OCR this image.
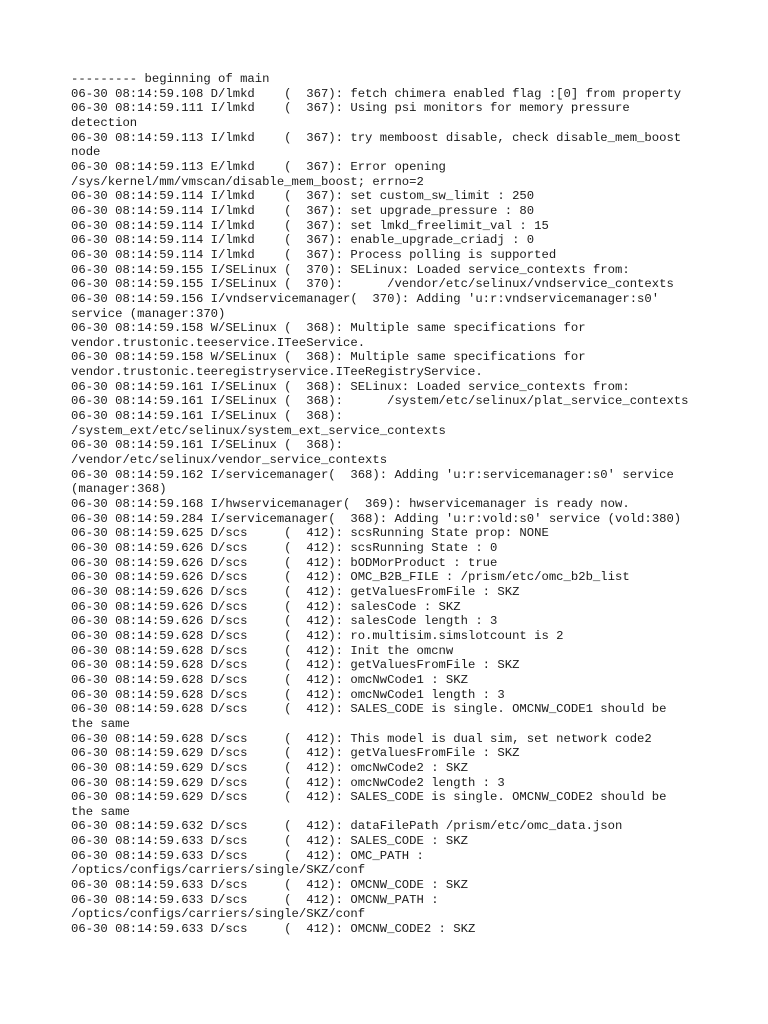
--------- beginning of main
06-30 08:14:59.108 D/lmkd    (  367): fetch chimera enabled flag :[0] from property
06-30 08:14:59.111 I/lmkd    (  367): Using psi monitors for memory pressure
detection
06-30 08:14:59.113 I/lmkd    (  367): try memboost disable, check disable_mem_boost
node
06-30 08:14:59.113 E/lmkd    (  367): Error opening
/sys/kernel/mm/vmscan/disable_mem_boost; errno=2
06-30 08:14:59.114 I/lmkd    (  367): set custom_sw_limit : 250
06-30 08:14:59.114 I/lmkd    (  367): set upgrade_pressure : 80
06-30 08:14:59.114 I/lmkd    (  367): set lmkd_freelimit_val : 15
06-30 08:14:59.114 I/lmkd    (  367): enable_upgrade_criadj : 0
06-30 08:14:59.114 I/lmkd    (  367): Process polling is supported
06-30 08:14:59.155 I/SELinux (  370): SELinux: Loaded service_contexts from:
06-30 08:14:59.155 I/SELinux (  370):      /vendor/etc/selinux/vndservice_contexts
06-30 08:14:59.156 I/vndservicemanager(  370): Adding 'u:r:vndservicemanager:s0'
service (manager:370)
06-30 08:14:59.158 W/SELinux (  368): Multiple same specifications for
vendor.trustonic.teeservice.ITeeService.
06-30 08:14:59.158 W/SELinux (  368): Multiple same specifications for
vendor.trustonic.teeregistryservice.ITeeRegistryService.
06-30 08:14:59.161 I/SELinux (  368): SELinux: Loaded service_contexts from:
06-30 08:14:59.161 I/SELinux (  368):      /system/etc/selinux/plat_service_contexts
06-30 08:14:59.161 I/SELinux (  368):
/system_ext/etc/selinux/system_ext_service_contexts
06-30 08:14:59.161 I/SELinux (  368):
/vendor/etc/selinux/vendor_service_contexts
06-30 08:14:59.162 I/servicemanager(  368): Adding 'u:r:servicemanager:s0' service
(manager:368)
06-30 08:14:59.168 I/hwservicemanager(  369): hwservicemanager is ready now.
06-30 08:14:59.284 I/servicemanager(  368): Adding 'u:r:vold:s0' service (vold:380)
06-30 08:14:59.625 D/scs     (  412): scsRunning State prop: NONE
06-30 08:14:59.626 D/scs     (  412): scsRunning State : 0
06-30 08:14:59.626 D/scs     (  412): bODMorProduct : true
06-30 08:14:59.626 D/scs     (  412): OMC_B2B_FILE : /prism/etc/omc_b2b_list
06-30 08:14:59.626 D/scs     (  412): getValuesFromFile : SKZ
06-30 08:14:59.626 D/scs     (  412): salesCode : SKZ
06-30 08:14:59.626 D/scs     (  412): salesCode length : 3
06-30 08:14:59.628 D/scs     (  412): ro.multisim.simslotcount is 2
06-30 08:14:59.628 D/scs     (  412): Init the omcnw
06-30 08:14:59.628 D/scs     (  412): getValuesFromFile : SKZ
06-30 08:14:59.628 D/scs     (  412): omcNwCode1 : SKZ
06-30 08:14:59.628 D/scs     (  412): omcNwCode1 length : 3
06-30 08:14:59.628 D/scs     (  412): SALES_CODE is single. OMCNW_CODE1 should be
the same
06-30 08:14:59.628 D/scs     (  412): This model is dual sim, set network code2
06-30 08:14:59.629 D/scs     (  412): getValuesFromFile : SKZ
06-30 08:14:59.629 D/scs     (  412): omcNwCode2 : SKZ
06-30 08:14:59.629 D/scs     (  412): omcNwCode2 length : 3
06-30 08:14:59.629 D/scs     (  412): SALES_CODE is single. OMCNW_CODE2 should be
the same
06-30 08:14:59.632 D/scs     (  412): dataFilePath /prism/etc/omc_data.json
06-30 08:14:59.633 D/scs     (  412): SALES_CODE : SKZ
06-30 08:14:59.633 D/scs     (  412): OMC_PATH :
/optics/configs/carriers/single/SKZ/conf
06-30 08:14:59.633 D/scs     (  412): OMCNW_CODE : SKZ
06-30 08:14:59.633 D/scs     (  412): OMCNW_PATH :
/optics/configs/carriers/single/SKZ/conf
06-30 08:14:59.633 D/scs     (  412): OMCNW_CODE2 : SKZ
